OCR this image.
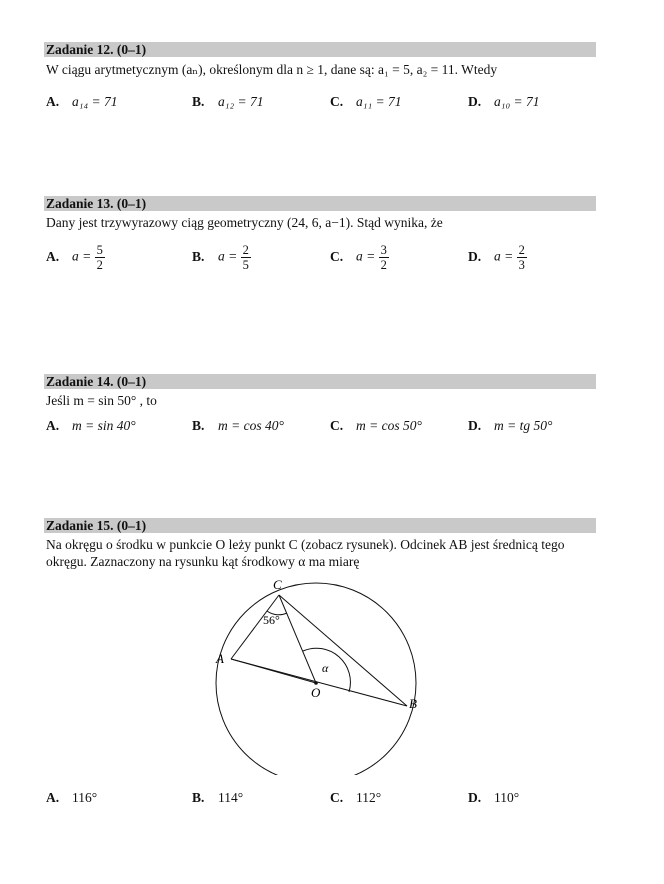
Zadanie 12. (0–1)
W ciągu arytmetycznym (aₙ), określonym dla n ≥ 1, dane są: a₁ = 5, a₂ = 11. Wtedy
A. a₁₄ = 71	B. a₁₂ = 71	C. a₁₁ = 71	D. a₁₀ = 71
Zadanie 13. (0–1)
Dany jest trzywyrazowy ciąg geometryczny (24, 6, a−1). Stąd wynika, że
A. $a = \frac{5}{2}$	B. $a = \frac{2}{5}$	C. $a = \frac{3}{2}$	D. $a = \frac{2}{3}$
Zadanie 14. (0–1)
Jeśli m = sin 50° , to
A. m = sin 40°	B. m = cos 40°	C. m = cos 50°	D. m = tg 50°
Zadanie 15. (0–1)
Na okręgu o środku w punkcie O leży punkt C (zobacz rysunek). Odcinek AB jest średnicą tego okręgu. Zaznaczony na rysunku kąt środkowy α ma miarę
C
A
B
O
56°
α
A. 116°	B. 114°	C. 112°	D. 110°
